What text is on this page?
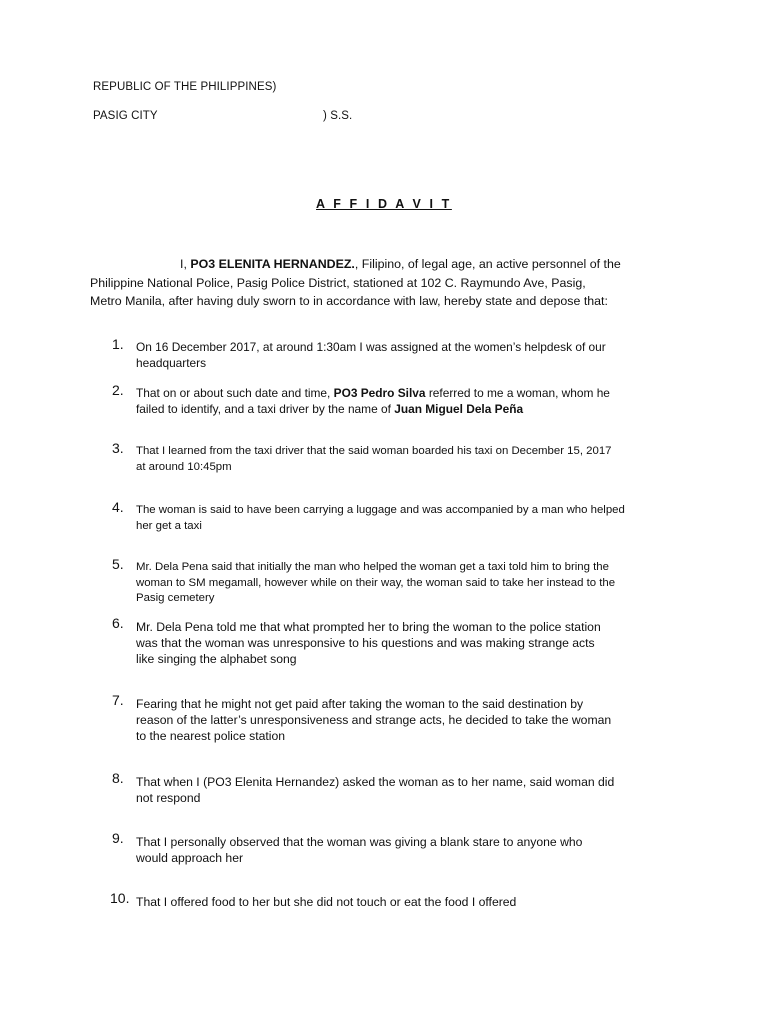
REPUBLIC OF THE PHILIPPINES)
PASIG CITY	) S.S.
A F F I D A V I T

I, PO3 ELENITA HERNANDEZ., Filipino, of legal age, an active personnel of the

Philippine National Police, Pasig Police District, stationed at 102 C. Raymundo Ave, Pasig,

Metro Manila, after having duly sworn to in accordance with law, hereby state and depose that:

1. On 16 December 2017, at around 1:30am I was assigned at the women’s helpdesk of our

headquarters

2. That on or about such date and time, PO3 Pedro Silva referred to me a woman, whom he

failed to identify, and a taxi driver by the name of Juan Miguel Dela Peña

3. That I learned from the taxi driver that the said woman boarded his taxi on December 15, 2017

at around 10:45pm

4. The woman is said to have been carrying a luggage and was accompanied by a man who helped

her get a taxi

5. Mr. Dela Pena said that initially the man who helped the woman get a taxi told him to bring the

woman to SM megamall, however while on their way, the woman said to take her instead to the

Pasig cemetery

6. Mr. Dela Pena told me that what prompted her to bring the woman to the police station

was that the woman was unresponsive to his questions and was making strange acts

like singing the alphabet song

7. Fearing that he might not get paid after taking the woman to the said destination by

reason of the latter’s unresponsiveness and strange acts, he decided to take the woman

to the nearest police station

8. That when I (PO3 Elenita Hernandez) asked the woman as to her name, said woman did

not respond

9. That I personally observed that the woman was giving a blank stare to anyone who

would approach her

10. That I offered food to her but she did not touch or eat the food I offered
